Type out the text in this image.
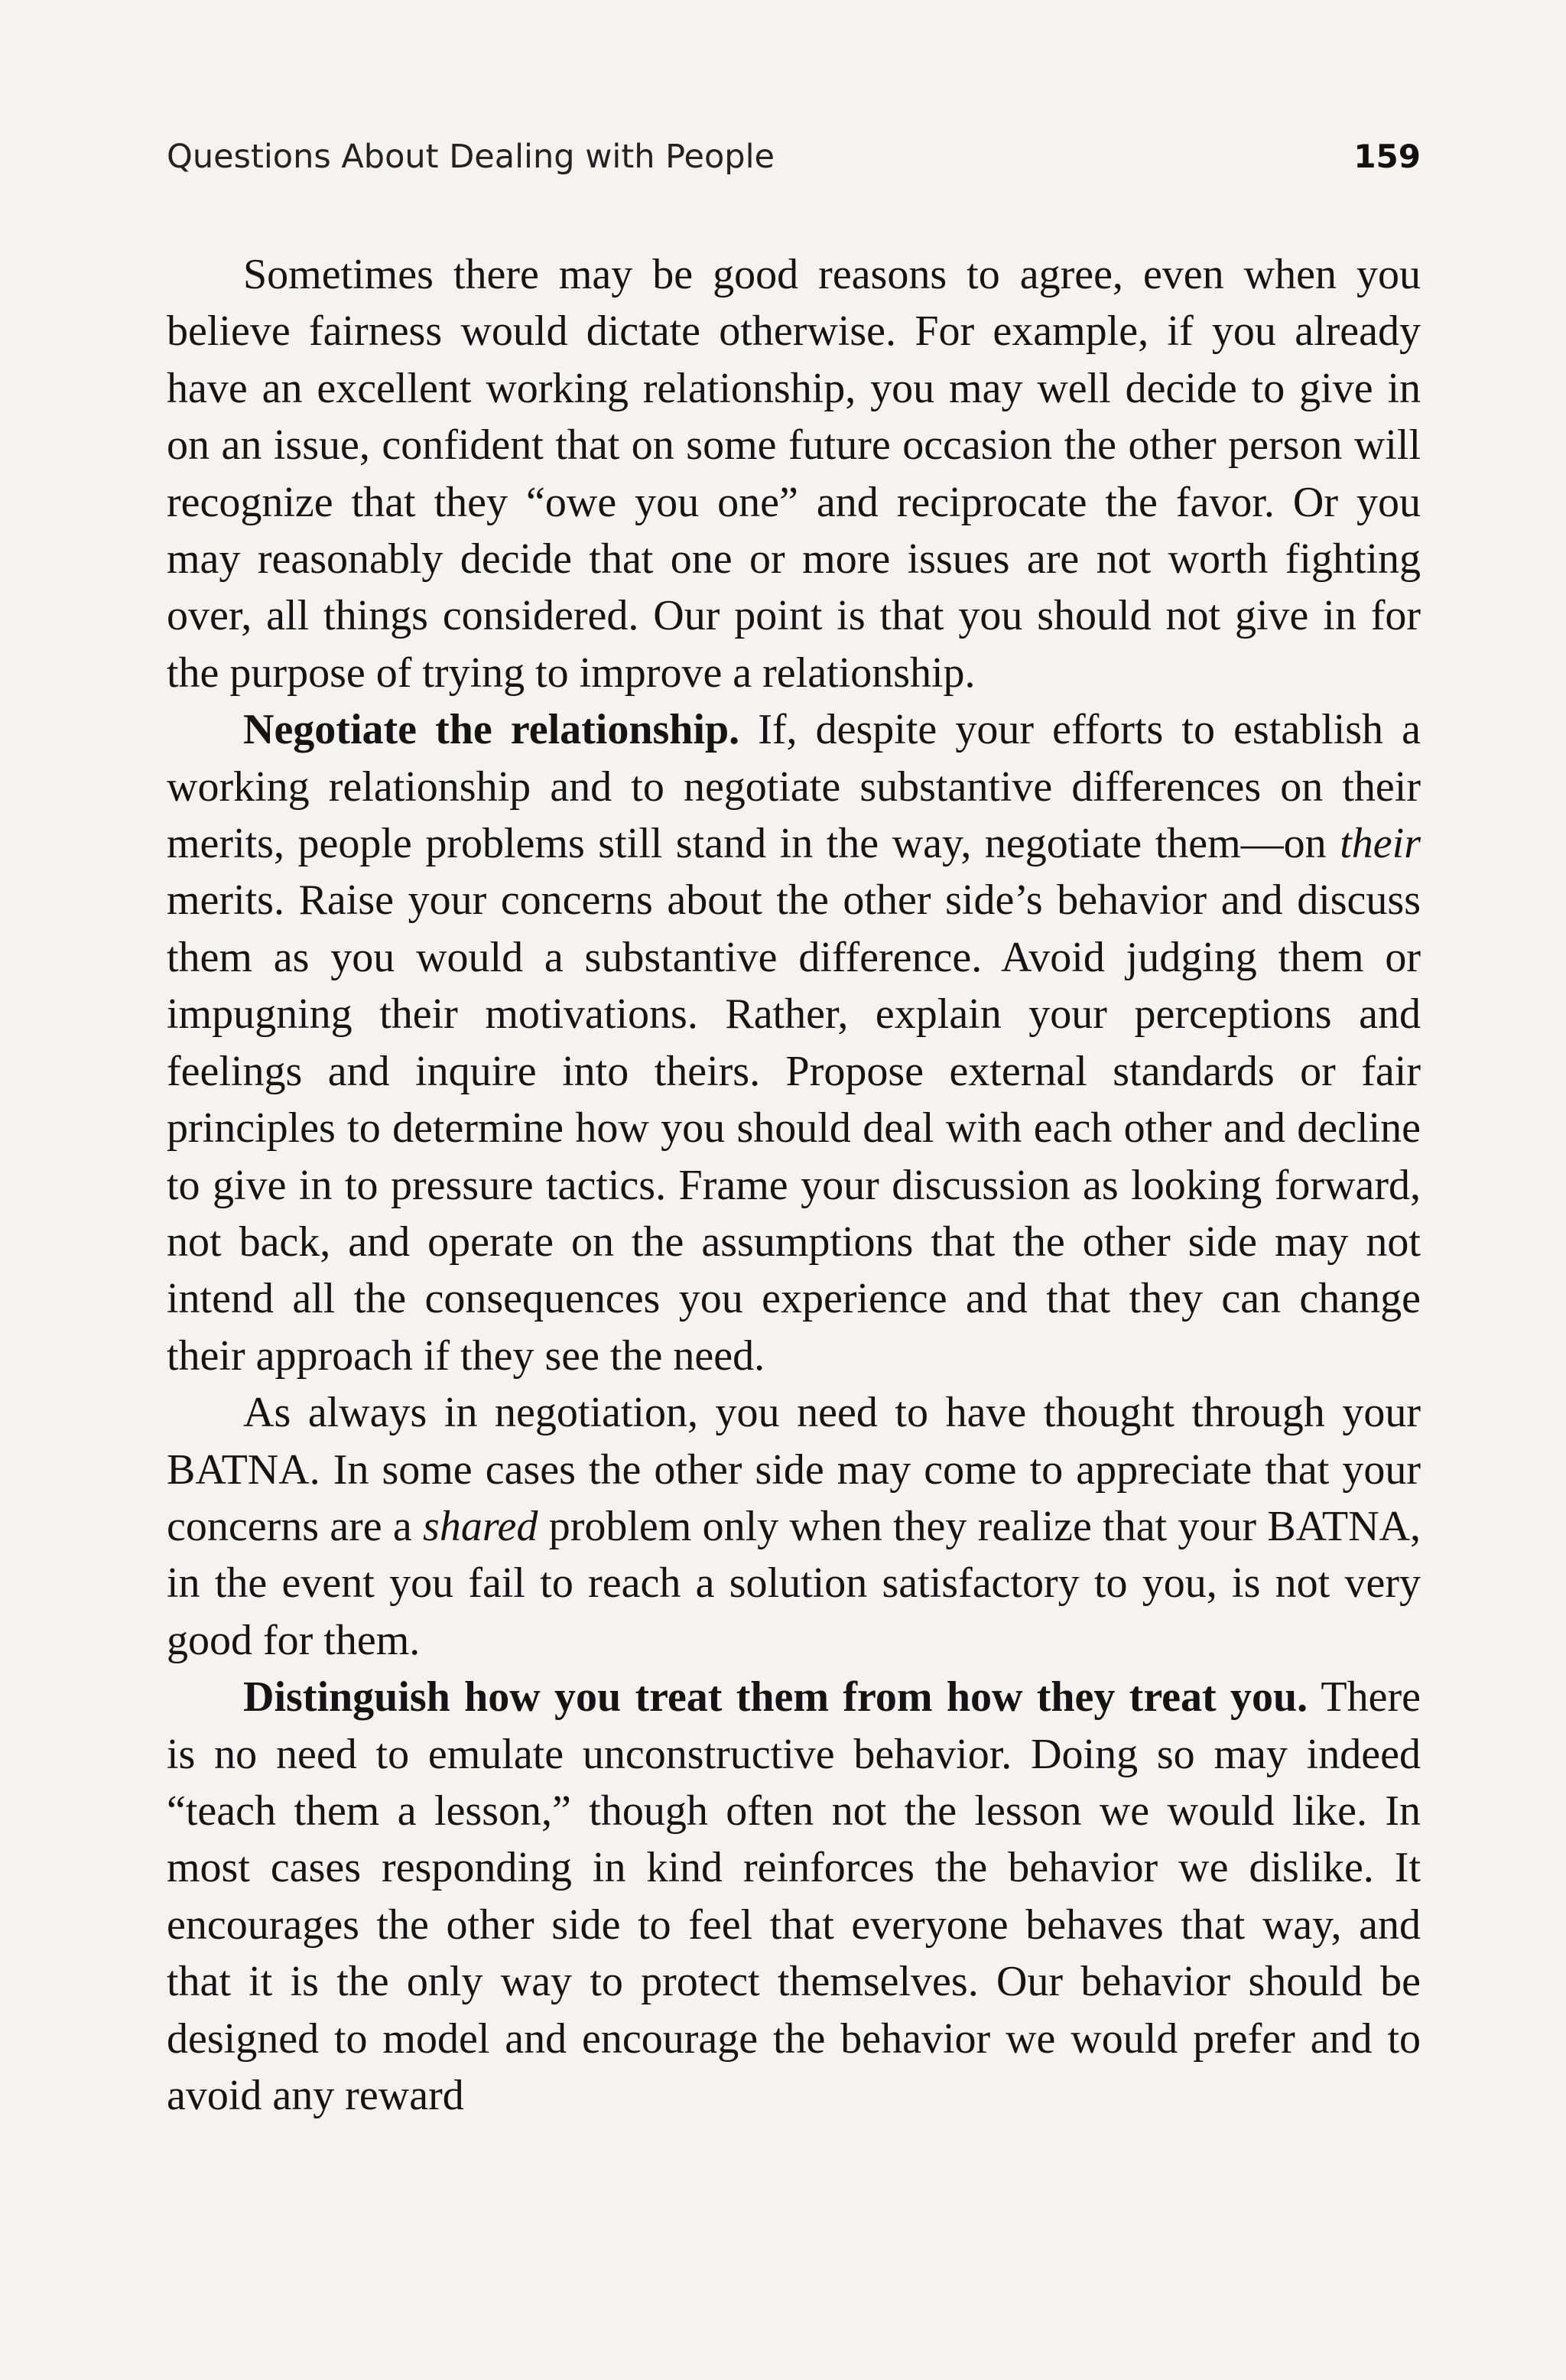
Questions About Dealing with People	159

Sometimes there may be good reasons to agree, even when you believe fairness would dictate otherwise. For example, if you already have an excellent working relationship, you may well decide to give in on an issue, confident that on some future occasion the other person will recognize that they “owe you one” and reciprocate the favor. Or you may reasonably decide that one or more issues are not worth fighting over, all things considered. Our point is that you should not give in for the purpose of trying to improve a relationship.

Negotiate the relationship. If, despite your efforts to establish a working relationship and to negotiate substantive differences on their merits, people problems still stand in the way, negotiate them—on their merits. Raise your concerns about the other side’s behavior and discuss them as you would a substantive difference. Avoid judging them or impugning their motivations. Rather, explain your perceptions and feelings and inquire into theirs. Propose external standards or fair principles to determine how you should deal with each other and decline to give in to pressure tactics. Frame your discussion as looking forward, not back, and operate on the assumptions that the other side may not intend all the consequences you experience and that they can change their approach if they see the need.

As always in negotiation, you need to have thought through your BATNA. In some cases the other side may come to appreciate that your concerns are a shared problem only when they realize that your BATNA, in the event you fail to reach a solution satisfactory to you, is not very good for them.

Distinguish how you treat them from how they treat you. There is no need to emulate unconstructive behavior. Doing so may indeed “teach them a lesson,” though often not the lesson we would like. In most cases responding in kind reinforces the behavior we dislike. It encourages the other side to feel that everyone behaves that way, and that it is the only way to protect themselves. Our behavior should be designed to model and encourage the behavior we would prefer and to avoid any reward
